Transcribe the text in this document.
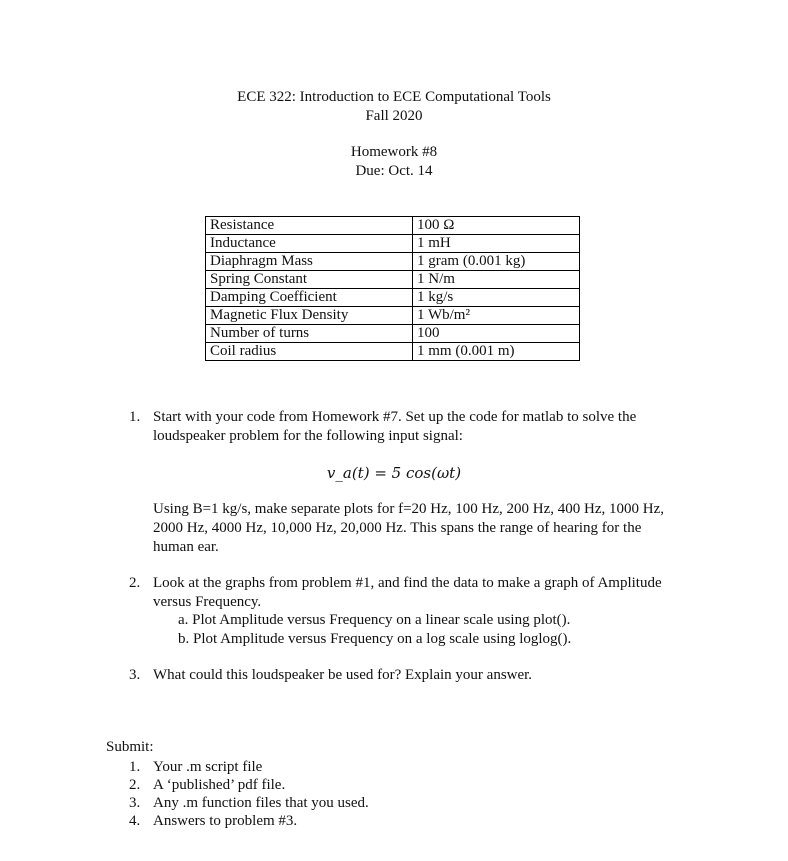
ECE 322: Introduction to ECE Computational Tools
Fall 2020
Homework #8
Due: Oct. 14
Resistance	100 Ω
Inductance	1 mH
Diaphragm Mass	1 gram (0.001 kg)
Spring Constant	1 N/m
Damping Coefficient	1 kg/s
Magnetic Flux Density	1 Wb/m²
Number of turns	100
Coil radius	1 mm (0.001 m)
1. Start with your code from Homework #7. Set up the code for matlab to solve the loudspeaker problem for the following input signal:
v_a(t) = 5 cos(ωt)
Using B=1 kg/s, make separate plots for f=20 Hz, 100 Hz, 200 Hz, 400 Hz, 1000 Hz, 2000 Hz, 4000 Hz, 10,000 Hz, 20,000 Hz. This spans the range of hearing for the human ear.
2. Look at the graphs from problem #1, and find the data to make a graph of Amplitude versus Frequency.
a. Plot Amplitude versus Frequency on a linear scale using plot().
b. Plot Amplitude versus Frequency on a log scale using loglog().
3. What could this loudspeaker be used for? Explain your answer.
Submit:
1. Your .m script file
2. A ‘published’ pdf file.
3. Any .m function files that you used.
4. Answers to problem #3.
